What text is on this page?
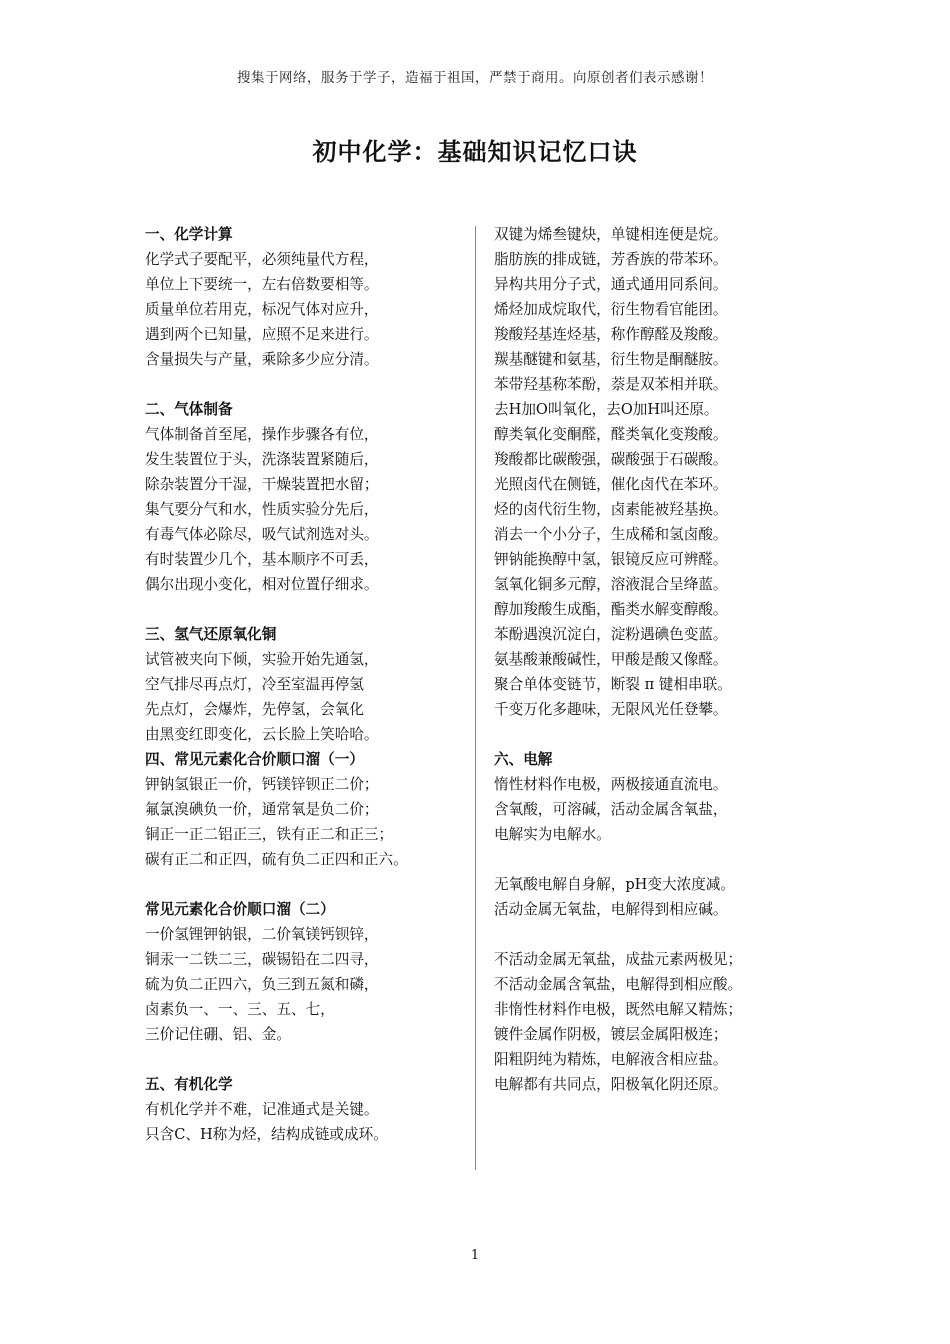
搜集于网络，服务于学子，造福于祖国，严禁于商用。向原创者们表示感谢！
初中化学：基础知识记忆口诀
一、化学计算
化学式子要配平，必须纯量代方程，
单位上下要统一，左右倍数要相等。
质量单位若用克，标况气体对应升，
遇到两个已知量，应照不足来进行。
含量损失与产量，乘除多少应分清。
二、气体制备
气体制备首至尾，操作步骤各有位，
发生装置位于头，洗涤装置紧随后，
除杂装置分干湿，干燥装置把水留；
集气要分气和水，性质实验分先后，
有毒气体必除尽，吸气试剂选对头。
有时装置少几个，基本顺序不可丢，
偶尔出现小变化，相对位置仔细求。
三、氢气还原氧化铜
试管被夹向下倾，实验开始先通氢，
空气排尽再点灯，冷至室温再停氢
先点灯，会爆炸，先停氢，会氧化
由黑变红即变化，云长脸上笑哈哈。
四、常见元素化合价顺口溜（一）
钾钠氢银正一价，钙镁锌钡正二价；
氟氯溴碘负一价，通常氧是负二价；
铜正一正二铝正三，铁有正二和正三；
碳有正二和正四，硫有负二正四和正六。
常见元素化合价顺口溜（二）
一价氢锂钾钠银，二价氧镁钙钡锌，
铜汞一二铁二三，碳锡铅在二四寻，
硫为负二正四六，负三到五氮和磷，
卤素负一、一、三、五、七，
三价记住硼、铝、金。
五、有机化学
有机化学并不难，记准通式是关键。
只含C、H称为烃，结构成链或成环。
双键为烯叁键炔，单键相连便是烷。
脂肪族的排成链，芳香族的带苯环。
异构共用分子式，通式通用同系间。
烯烃加成烷取代，衍生物看官能团。
羧酸羟基连烃基，称作醇醛及羧酸。
羰基醚键和氨基，衍生物是酮醚胺。
苯带羟基称苯酚，萘是双苯相并联。
去H加O叫氧化，去O加H叫还原。
醇类氧化变酮醛，醛类氧化变羧酸。
羧酸都比碳酸强，碳酸强于石碳酸。
光照卤代在侧链，催化卤代在苯环。
烃的卤代衍生物，卤素能被羟基换。
消去一个小分子，生成稀和氢卤酸。
钾钠能换醇中氢，银镜反应可辨醛。
氢氧化铜多元醇，溶液混合呈绛蓝。
醇加羧酸生成酯，酯类水解变醇酸。
苯酚遇溴沉淀白，淀粉遇碘色变蓝。
氨基酸兼酸碱性，甲酸是酸又像醛。
聚合单体变链节，断裂 π 键相串联。
千变万化多趣味，无限风光任登攀。
六、电解
惰性材料作电极，两极接通直流电。
含氧酸，可溶碱，活动金属含氧盐，
电解实为电解水。
无氧酸电解自身解，pH变大浓度减。
活动金属无氧盐，电解得到相应碱。
不活动金属无氧盐，成盐元素两极见；
不活动金属含氧盐，电解得到相应酸。
非惰性材料作电极，既然电解又精炼；
镀件金属作阴极，镀层金属阳极连；
阳粗阴纯为精炼，电解液含相应盐。
电解都有共同点，阳极氧化阴还原。
1
